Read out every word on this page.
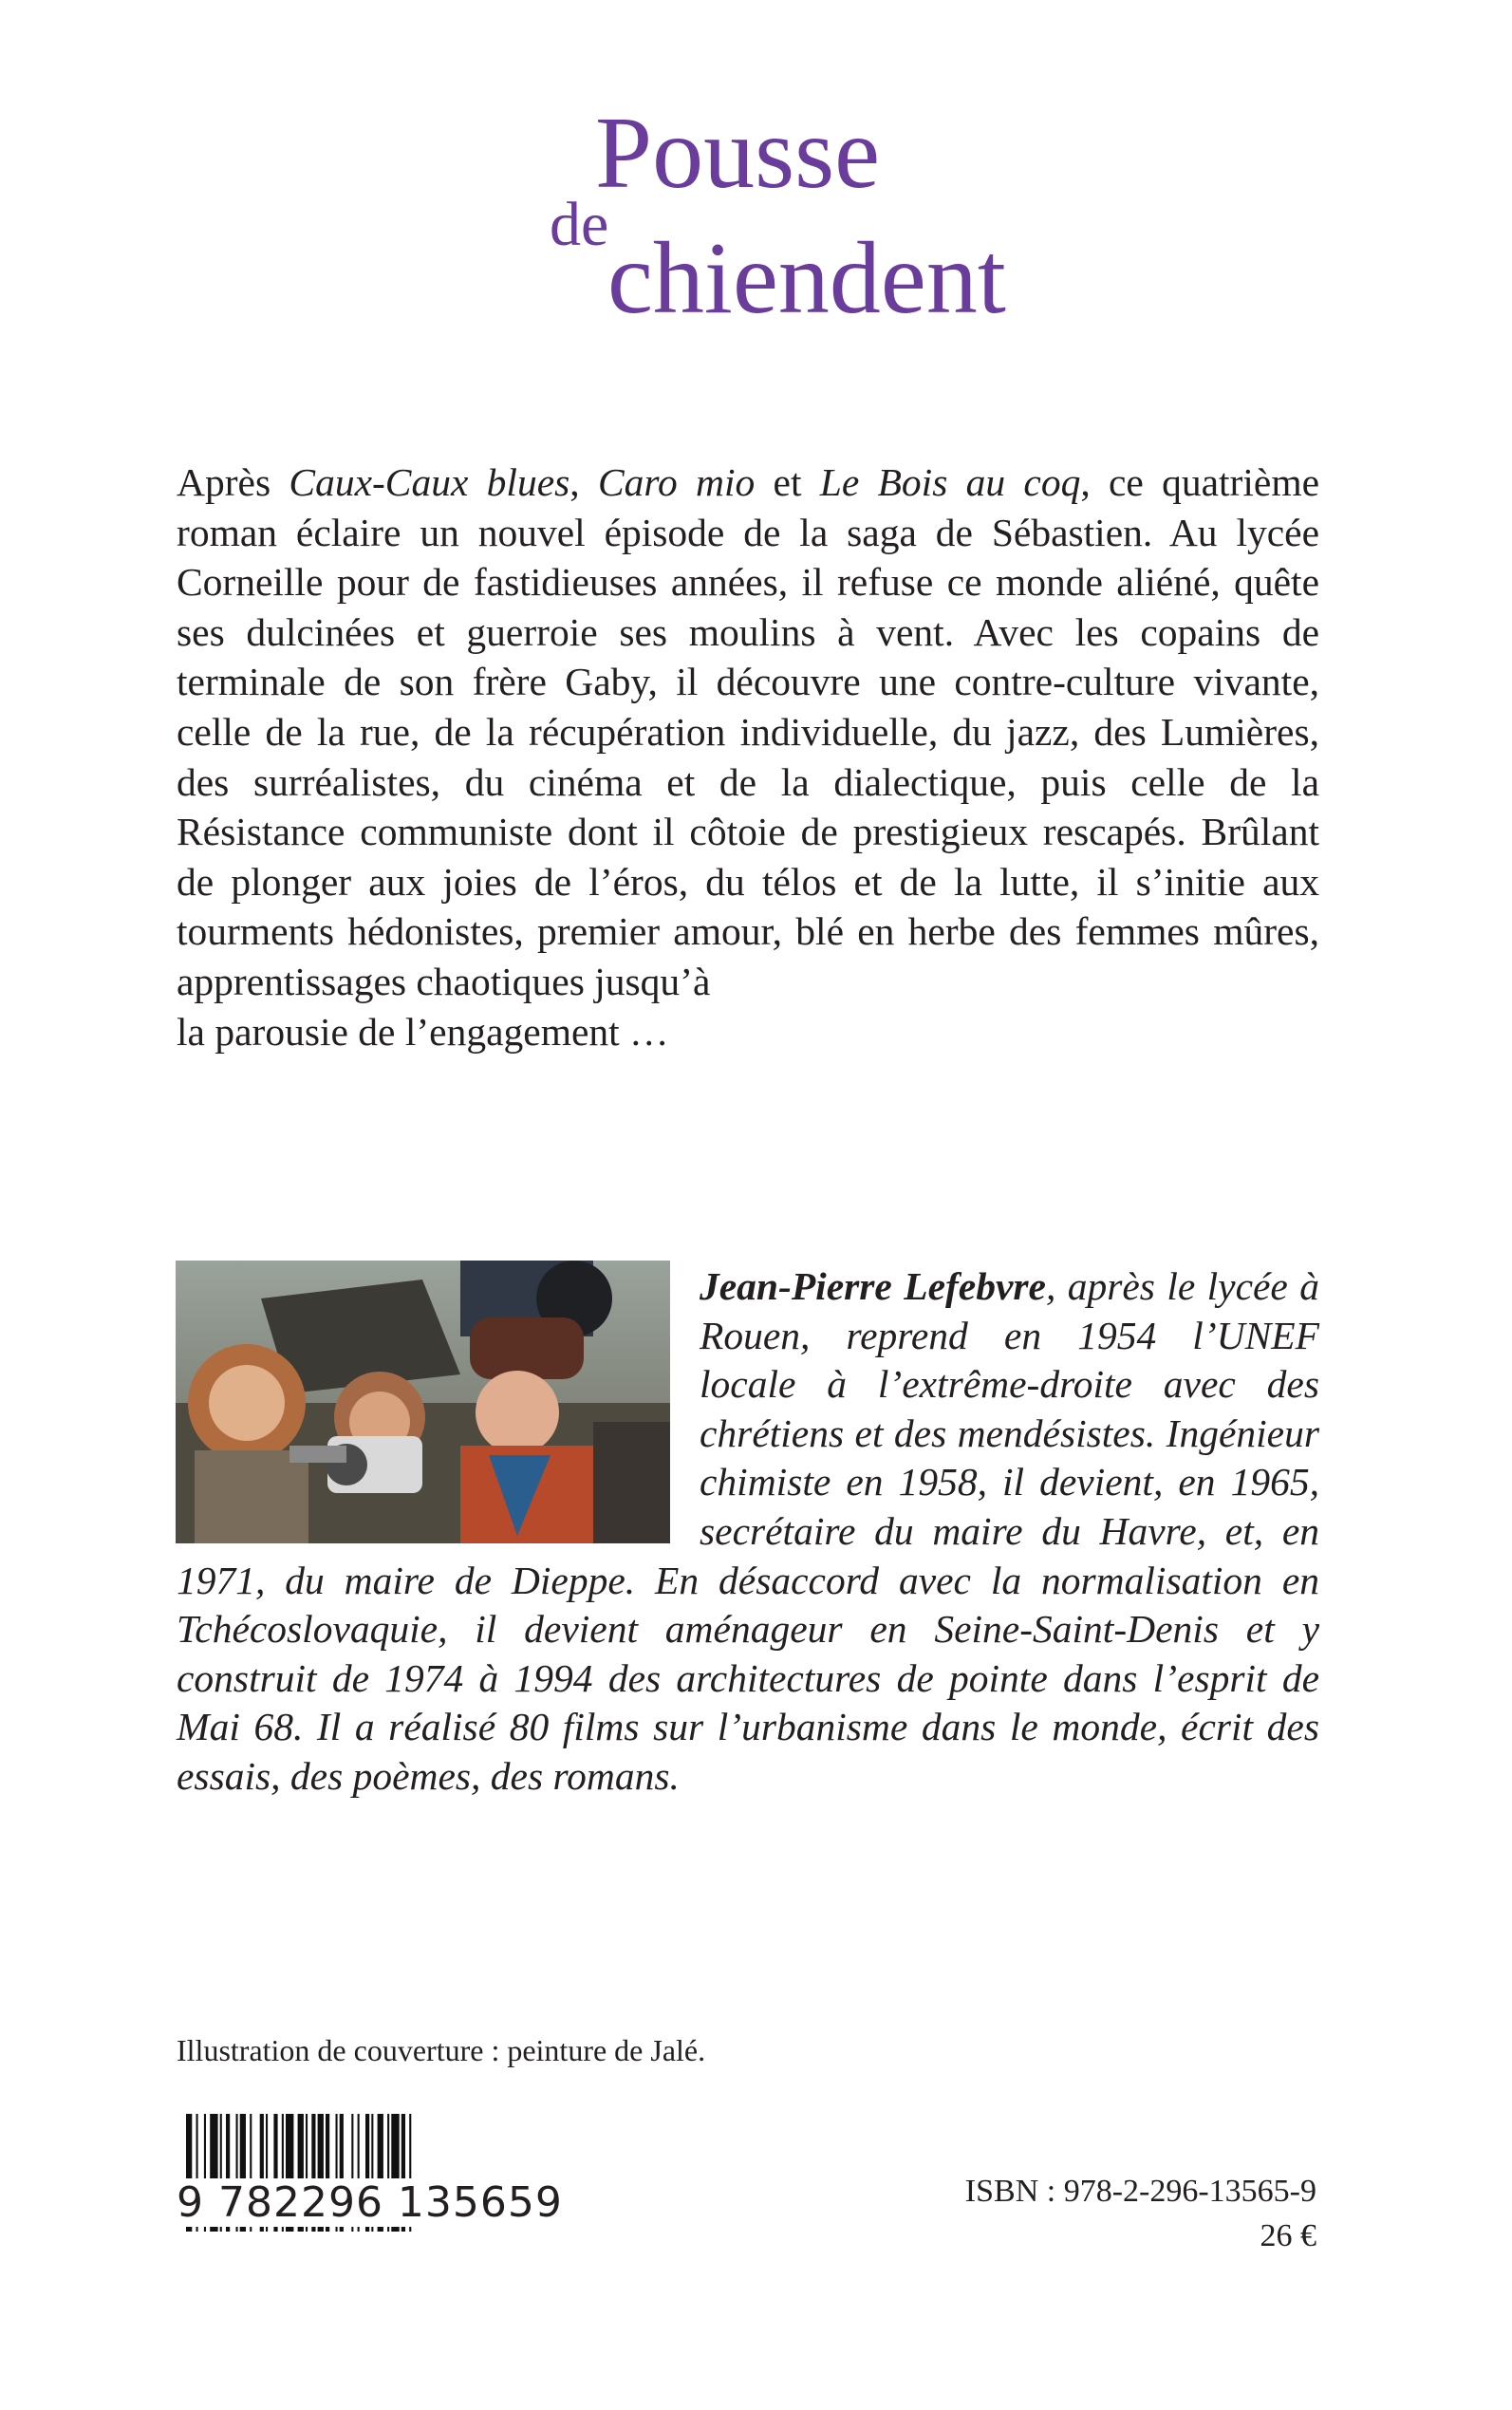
Pousse
de
chiendent
Après Caux-Caux blues, Caro mio et Le Bois au coq, ce quatrième roman éclaire un nouvel épisode de la saga de Sébastien. Au lycée Corneille pour de fastidieuses années, il refuse ce monde aliéné, quête ses dulcinées et guerroie ses moulins à vent. Avec les copains de terminale de son frère Gaby, il découvre une contre-culture vivante, celle de la rue, de la récupération individuelle, du jazz, des Lumières, des surréalistes, du cinéma et de la dialectique, puis celle de la Résistance communiste dont il côtoie de prestigieux rescapés. Brûlant de plonger aux joies de l’éros, du télos et de la lutte, il s’initie aux tourments hédonistes, premier amour, blé en herbe des femmes mûres, apprentissages chaotiques jusqu’à
la parousie de l’engagement …
Jean-Pierre Lefebvre, après le lycée à Rouen, reprend en 1954 l’UNEF locale à l’extrême-droite avec des chrétiens et des mendésistes. Ingénieur chimiste en 1958, il devient, en 1965, secrétaire du maire du Havre, et, en 1971, du maire de Dieppe. En désaccord avec la normalisation en Tchécoslovaquie, il devient aménageur en Seine-Saint-Denis et y construit de 1974 à 1994 des architectures de pointe dans l’esprit de Mai 68. Il a réalisé 80 films sur l’urbanisme dans le monde, écrit des essais, des poèmes, des romans.

Illustration de couverture : peinture de Jalé.

9 782296 135659	ISBN : 978-2-296-13565-9
26 €
